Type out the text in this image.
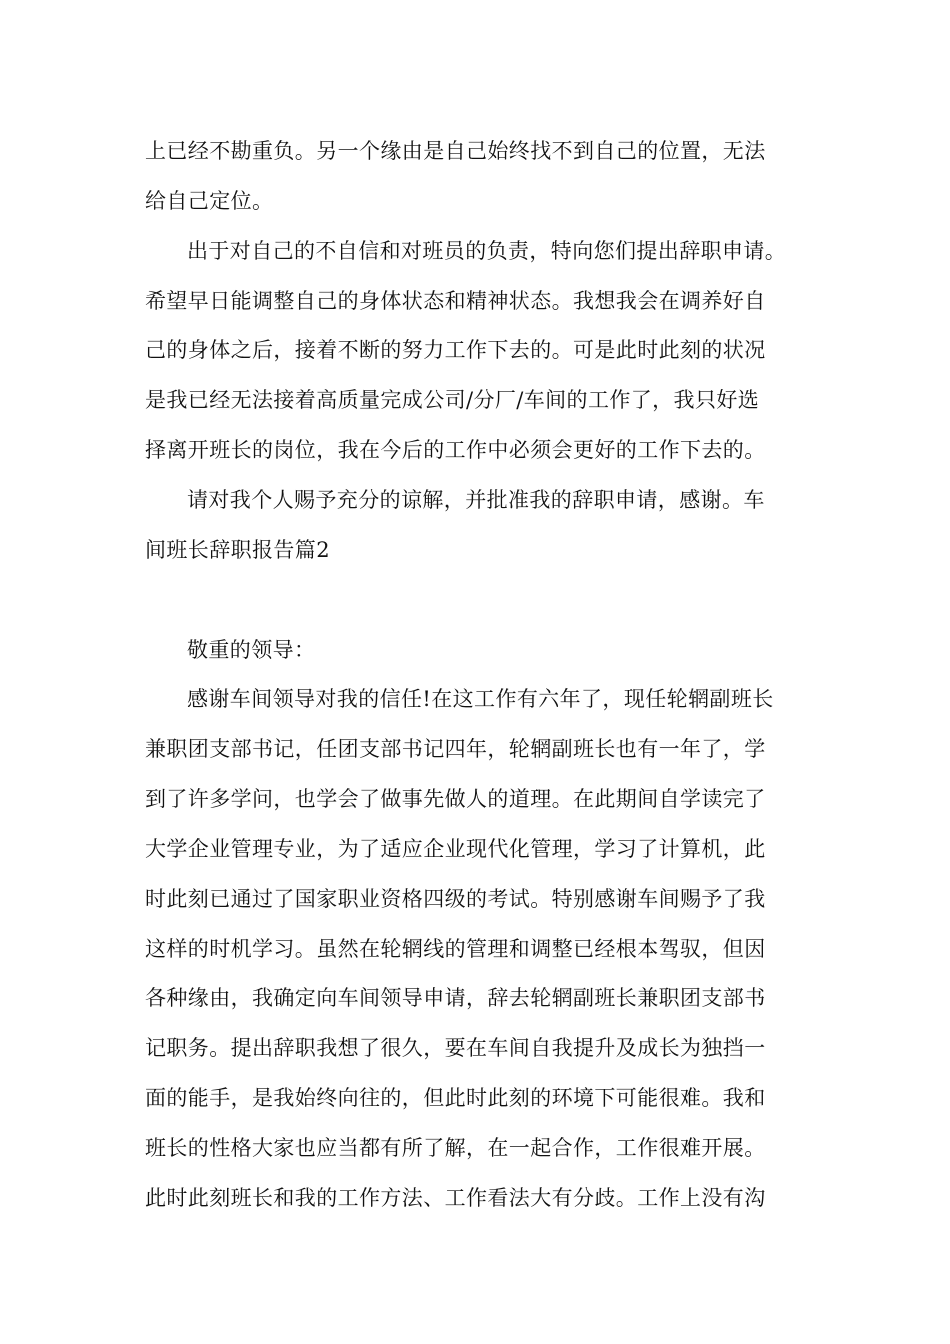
上已经不勘重负。另一个缘由是自己始终找不到自己的位置，无法
给自己定位。
出于对自己的不自信和对班员的负责，特向您们提出辞职申请。
希望早日能调整自己的身体状态和精神状态。我想我会在调养好自
己的身体之后，接着不断的努力工作下去的。可是此时此刻的状况
是我已经无法接着高质量完成公司/分厂/车间的工作了，我只好选
择离开班长的岗位，我在今后的工作中必须会更好的工作下去的。
请对我个人赐予充分的谅解，并批准我的辞职申请，感谢。车
间班长辞职报告篇2
敬重的领导：
感谢车间领导对我的信任!在这工作有六年了，现任轮辋副班长
兼职团支部书记，任团支部书记四年，轮辋副班长也有一年了，学
到了许多学问，也学会了做事先做人的道理。在此期间自学读完了
大学企业管理专业，为了适应企业现代化管理，学习了计算机，此
时此刻已通过了国家职业资格四级的考试。特别感谢车间赐予了我
这样的时机学习。虽然在轮辋线的管理和调整已经根本驾驭，但因
各种缘由，我确定向车间领导申请，辞去轮辋副班长兼职团支部书
记职务。提出辞职我想了很久，要在车间自我提升及成长为独挡一
面的能手，是我始终向往的，但此时此刻的环境下可能很难。我和
班长的性格大家也应当都有所了解，在一起合作，工作很难开展。
此时此刻班长和我的工作方法、工作看法大有分歧。工作上没有沟
